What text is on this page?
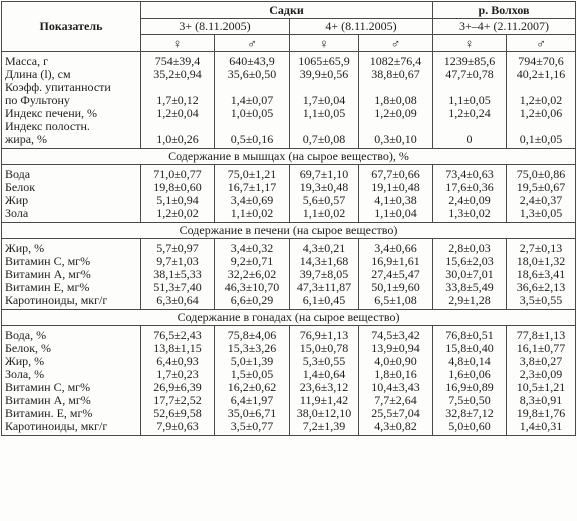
Показатель	Садки				р. Волхов	
	3+ (8.11.2005)		4+ (8.11.2005)		3+–4+ (2.11.2007)	
	♀	♂	♀	♂	♀	♂
Масса, г	754±39,4	640±43,9	1065±65,9	1082±76,4	1239±85,6	794±70,6
Длина (l), см	35,2±0,94	35,6±0,50	39,9±0,56	38,8±0,67	47,7±0,78	40,2±1,16
Коэфф. упитанности						
по Фультону	1,7±0,12	1,4±0,07	1,7±0,04	1,8±0,08	1,1±0,05	1,2±0,02
Индекс печени, %	1,2±0,04	1,0±0,05	1,1±0,05	1,2±0,09	1,2±0,24	1,2±0,06
Индекс полостн.						
жира, %	1,0±0,26	0,5±0,16	0,7±0,08	0,3±0,10	0	0,1±0,05
Содержание в мышцах (на сырое вещество), %						
Вода	71,0±0,77	75,0±1,21	69,7±1,10	67,7±0,66	73,4±0,63	75,0±0,86
Белок	19,8±0,60	16,7±1,17	19,3±0,48	19,1±0,48	17,6±0,36	19,5±0,67
Жир	5,1±0,94	3,4±0,69	5,6±0,57	4,1±0,38	2,4±0,09	2,4±0,37
Зола	1,2±0,02	1,1±0,02	1,1±0,02	1,1±0,04	1,3±0,02	1,3±0,05
Содержание в печени (на сырое вещество)						
Жир, %	5,7±0,97	3,4±0,32	4,3±0,21	3,4±0,66	2,8±0,03	2,7±0,13
Витамин С, мг%	9,7±1,03	9,2±0,71	14,3±1,68	16,9±1,61	15,6±2,03	18,0±1,32
Витамин А, мг%	38,1±5,33	32,2±6,02	39,7±8,05	27,4±5,47	30,0±7,01	18,6±3,41
Витамин Е, мг%	51,3±7,40	46,3±10,70	47,3±11,87	50,1±9,60	33,8±5,49	36,6±2,13
Каротиноиды, мкг/г	6,3±0,64	6,6±0,29	6,1±0,45	6,5±1,08	2,9±1,28	3,5±0,55
Содержание в гонадах (на сырое вещество)						
Вода, %	76,5±2,43	75,8±4,06	76,9±1,13	74,5±3,42	76,8±0,51	77,8±1,13
Белок, %	13,8±1,15	15,3±3,26	15,0±0,78	13,9±0,94	15,8±0,40	16,1±0,77
Жир, %	6,4±0,93	5,0±1,39	5,3±0,55	4,0±0,90	4,8±0,14	3,8±0,27
Зола, %	1,7±0,23	1,5±0,05	1,4±0,64	1,8±0,16	1,6±0,06	2,3±0,09
Витамин С, мг%	26,9±6,39	16,2±0,62	23,6±3,12	10,4±3,43	16,9±0,89	10,5±1,21
Витамин А, мг%	17,7±2,52	6,4±1,97	11,9±1,42	7,7±2,64	7,5±0,50	8,3±0,91
Витамин. Е, мг%	52,6±9,58	35,0±6,71	38,0±12,10	25,5±7,04	32,8±7,12	19,8±1,76
Каротиноиды, мкг/г	7,9±0,63	3,5±0,77	7,2±1,39	4,3±0,82	5,0±0,60	1,4±0,31
